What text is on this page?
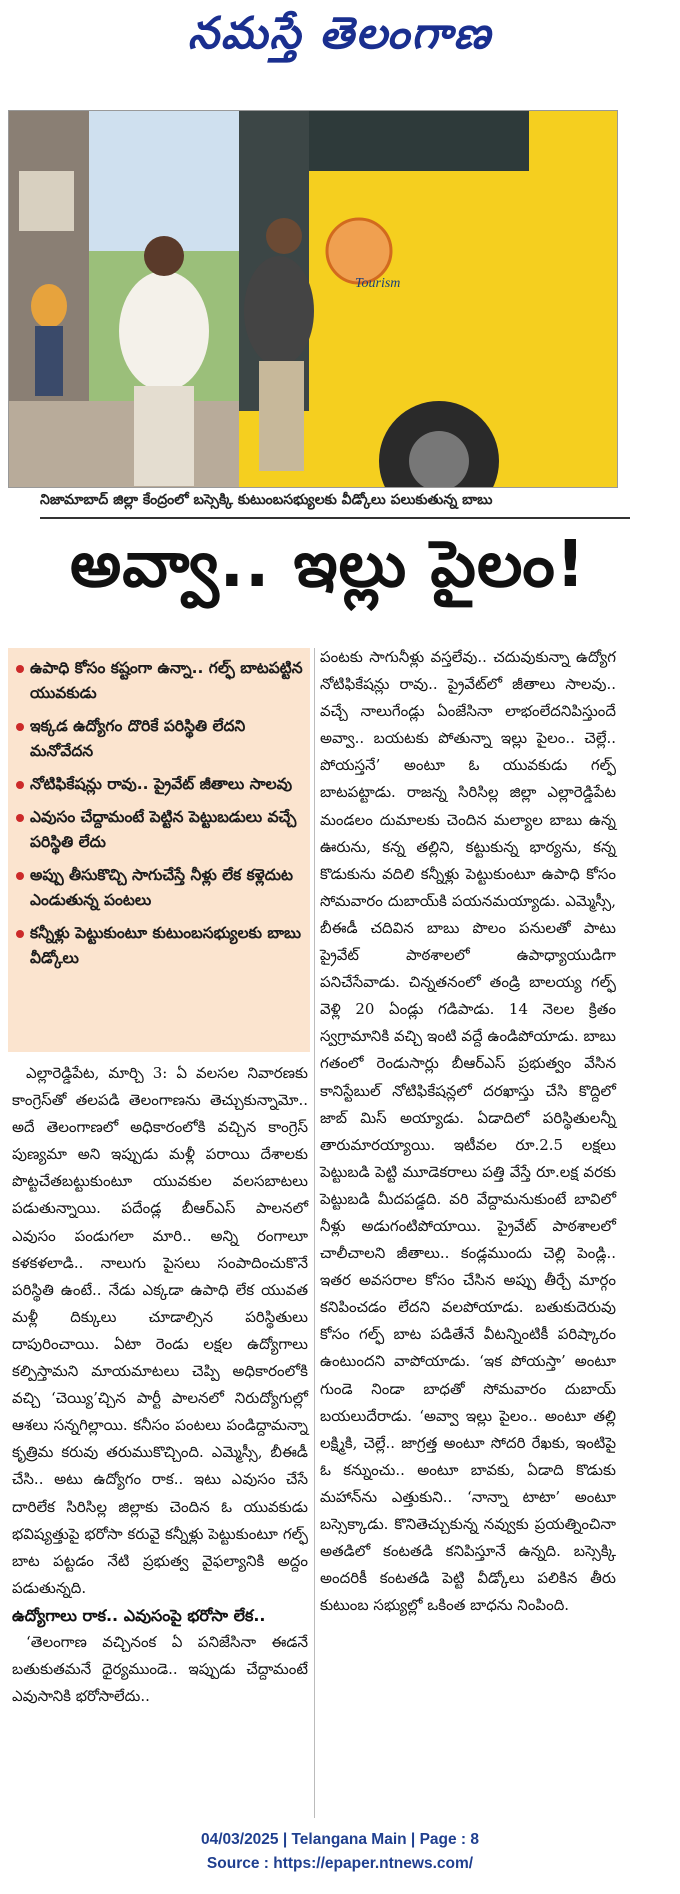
నమస్తే తెలంగాణ
Tourism
నిజామాబాద్ జిల్లా కేంద్రంలో బస్సెక్కి కుటుంబసభ్యులకు వీడ్కోలు పలుకుతున్న బాబు
అవ్వా.. ఇల్లు పైలం!
ఉపాధి కోసం కష్టంగా ఉన్నా.. గల్ఫ్ బాటపట్టిన యువకుడు
ఇక్కడ ఉద్యోగం దొరికే పరిస్థితి లేదని మనోవేదన
నోటిఫికేషన్లు రావు.. ప్రైవేట్ జీతాలు సాలవు
ఎవుసం చేద్దామంటే పెట్టిన పెట్టుబడులు వచ్చే పరిస్థితి లేదు
అప్పు తీసుకొచ్చి సాగుచేస్తే నీళ్లు లేక కళ్లెదుట ఎండుతున్న పంటలు
కన్నీళ్లు పెట్టుకుంటూ కుటుంబసభ్యులకు బాబు వీడ్కోలు

ఎల్లారెడ్డిపేట, మార్చి 3: ఏ వలసల నివారణకు కాంగ్రెస్‌తో తలపడి తెలంగాణను తెచ్చుకున్నామో.. అదే తెలంగాణలో అధికారంలోకి వచ్చిన కాంగ్రెస్ పుణ్యమా అని ఇప్పుడు మళ్లీ పరాయి దేశాలకు పొట్టచేతబట్టుకుంటూ యువకుల వలసబాటలు పడుతున్నాయి. పదేండ్ల బీఆర్‌ఎస్ పాలనలో ఎవుసం పండుగలా మారి.. అన్ని రంగాలూ కళకళలాడి.. నాలుగు పైసలు సంపాదించుకొనే పరిస్థితి ఉంటే.. నేడు ఎక్కడా ఉపాధి లేక యువత మళ్లీ దిక్కులు చూడాల్సిన పరిస్థితులు దాపురించాయి. ఏటా రెండు లక్షల ఉద్యోగాలు కల్పిస్తామని మాయమాటలు చెప్పి అధికారంలోకి వచ్చి ‘చెయ్యి’చ్చిన పార్టీ పాలనలో నిరుద్యోగుల్లో ఆశలు సన్నగిల్లాయి. కనీసం పంటలు పండిద్దామన్నా కృత్రిమ కరువు తరుముకొచ్చింది. ఎమ్మెస్సీ, బీఈడీ చేసి.. అటు ఉద్యోగం రాక.. ఇటు ఎవుసం చేసే దారిలేక సిరిసిల్ల జిల్లాకు చెందిన ఓ యువకుడు భవిష్యత్తుపై భరోసా కరువై కన్నీళ్లు పెట్టుకుంటూ గల్ఫ్ బాట పట్టడం నేటి ప్రభుత్వ వైఫల్యానికి అద్దం పడుతున్నది.

ఉద్యోగాలు రాక.. ఎవుసంపై భరోసా లేక..

‘తెలంగాణ వచ్చినంక ఏ పనిజేసినా ఈడనే బతుకుతమనే ధైర్యముండె.. ఇప్పుడు చేద్దామంటే ఎవుసానికి భరోసాలేదు..

పంటకు సాగునీళ్లు వస్తలేవు.. చదువుకున్నా ఉద్యోగ నోటిఫికేషన్లు రావు.. ప్రైవేట్‌లో జీతాలు సాలవు.. వచ్చే నాలుగేండ్లు ఏంజేసినా లాభంలేదనిపిస్తుందే అవ్వా.. బయటకు పోతున్నా ఇల్లు పైలం.. చెల్లే.. పోయస్తనే’ అంటూ ఓ యువకుడు గల్ఫ్ బాటపట్టాడు. రాజన్న సిరిసిల్ల జిల్లా ఎల్లారెడ్డిపేట మండలం దుమాలకు చెందిన మల్యాల బాబు ఉన్న ఊరును, కన్న తల్లిని, కట్టుకున్న భార్యను, కన్న కొడుకును వదిలి కన్నీళ్లు పెట్టుకుంటూ ఉపాధి కోసం సోమవారం దుబాయ్‌కి పయనమయ్యాడు. ఎమ్మెస్సీ, బీఈడీ చదివిన బాబు పొలం పనులతో పాటు ప్రైవేట్ పాఠశాలలో ఉపాధ్యాయుడిగా పనిచేసేవాడు. చిన్నతనంలో తండ్రి బాలయ్య గల్ఫ్ వెళ్లి 20 ఏండ్లు గడిపాడు. 14 నెలల క్రితం స్వగ్రామానికి వచ్చి ఇంటి వద్దే ఉండిపోయాడు. బాబు గతంలో రెండుసార్లు బీఆర్‌ఎస్ ప్రభుత్వం వేసిన కానిస్టేబుల్ నోటిఫికేషన్లలో దరఖాస్తు చేసి కొద్దిలో జాబ్ మిస్ అయ్యాడు. ఏడాదిలో పరిస్థితులన్నీ తారుమారయ్యాయి. ఇటీవల రూ.2.5 లక్షలు పెట్టుబడి పెట్టి మూడెకరాలు పత్తి వేస్తే రూ.లక్ష వరకు పెట్టుబడి మీదపడ్డది. వరి వేద్దామనుకుంటే బావిలో నీళ్లు అడుగంటిపోయాయి. ప్రైవేట్ పాఠశాలలో చాలీచాలని జీతాలు.. కండ్లముందు చెల్లి పెండ్లి.. ఇతర అవసరాల కోసం చేసిన అప్పు తీర్చే మార్గం కనిపించడం లేదని వలపోయాడు. బతుకుదెరువు కోసం గల్ఫ్ బాట పడితేనే వీటన్నింటికీ పరిష్కారం ఉంటుందని వాపోయాడు. ‘ఇక పోయస్తా’ అంటూ గుండె నిండా బాధతో సోమవారం దుబాయ్ బయలుదేరాడు. ‘అవ్వా ఇల్లు పైలం.. అంటూ తల్లి లక్ష్మికి, చెల్లే.. జాగ్రత్త అంటూ సోదరి రేఖకు, ఇంటిపై ఓ కన్నుంచు.. అంటూ బావకు, ఏడాది కొడుకు మహాన్‌ను ఎత్తుకుని.. ‘నాన్నా టాటా’ అంటూ బస్సెక్కాడు. కొనితెచ్చుకున్న నవ్వుకు ప్రయత్నించినా అతడిలో కంటతడి కనిపిస్తూనే ఉన్నది. బస్సెక్కి అందరికీ కంటతడి పెట్టి వీడ్కోలు పలికిన తీరు కుటుంబ సభ్యుల్లో ఒకింత బాధను నింపింది.

04/03/2025 | Telangana Main | Page : 8
Source : https://epaper.ntnews.com/
